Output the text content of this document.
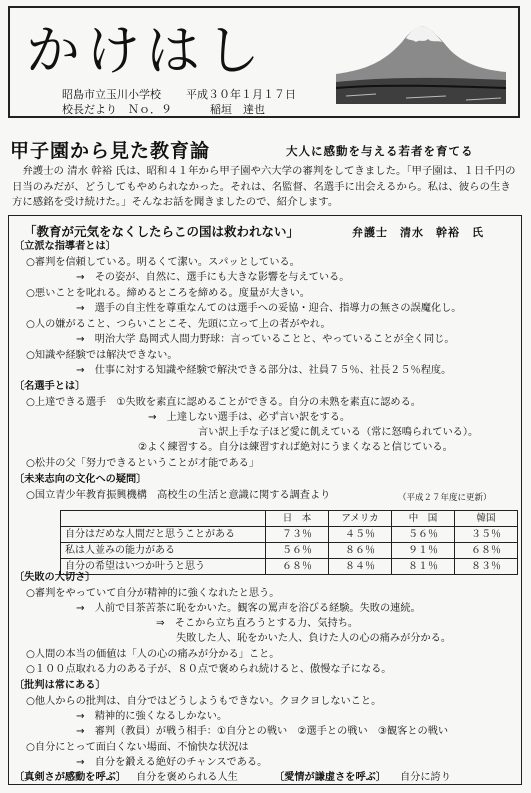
かけはし
昭島市立玉川小学校 平成３０年１月１７日
校長だより　Ｎｏ．９	稲垣　達也
甲子園から見た教育論	大人に感動を与える若者を育てる
弁護士の 清水 幹裕 氏は、昭和４１年から甲子園や六大学の審判をしてきました。「甲子園は、１日千円の日当のみだが、どうしてもやめられなかった。それは、名監督、名選手に出会えるから。私は、彼らの生き方に感銘を受け続けた。」そんなお話を聞きましたので、紹介します。
「教育が元気をなくしたらこの国は救われない」	弁護士　清水　幹裕　氏
〔立派な指導者とは〕
○審判を信頼している。明るくて潔い。スパッとしている。
→　その姿が、自然に、選手にも大きな影響を与えている。
○悪いことを叱れる。締めるところを締める。度量が大きい。
→　選手の自主性を尊重なんてのは選手への妥協・迎合、指導力の無さの誤魔化し。
○人の嫌がること、つらいことこそ、先頭に立って上の者がやれ。
→　明治大学 島岡式人間力野球：言っていることと、やっていることが全く同じ。
○知識や経験では解決できない。
→　仕事に対する知識や経験で解決できる部分は、社員７５％、社長２５％程度。
〔名選手とは〕
○上達できる選手　①失敗を素直に認めることができる。自分の未熟を素直に認める。
→　上達しない選手は、必ず言い訳をする。
言い訳上手な子ほど愛に飢えている（常に怒鳴られている）。
②よく練習する。自分は練習すれば絶対にうまくなると信じている。
○松井の父「努力できるということが才能である」
〔未来志向の文化への疑問〕
○国立青少年教育振興機構　高校生の生活と意識に関する調査より	（平成２７年度に更新）
	日　本	アメリカ	中　国	韓国
自分はだめな人間だと思うことがある	７３％	４５％	５６％	３５％
私は人並みの能力がある	５６％	８６％	９１％	６８％
自分の希望はいつか叶うと思う	６８％	８４％	８１％	８３％
〔失敗の大切さ〕
○審判をやっていて自分が精神的に強くなれたと思う。
→　人前で目茶苦茶に恥をかいた。観客の罵声を浴びる経験。失敗の連続。
⇒　そこから立ち直ろうとする力、気持ち。
失敗した人、恥をかいた人、負けた人の心の痛みが分かる。
○人間の本当の価値は「人の心の痛みが分かる」こと。
○１００点取れる力のある子が、８０点で褒められ続けると、傲慢な子になる。
〔批判は常にある〕
○他人からの批判は、自分ではどうしようもできない。クヨクヨしないこと。
→　精神的に強くなるしかない。
→　審判（教員）が戦う相手：①自分との戦い　②選手との戦い　③観客との戦い
○自分にとって面白くない場面、不愉快な状況は
→　自分を鍛える絶好のチャンスである。
〔真剣さが感動を呼ぶ〕 自分を褒められる人生	〔愛情が謙虚さを呼ぶ〕 自分に誇り
